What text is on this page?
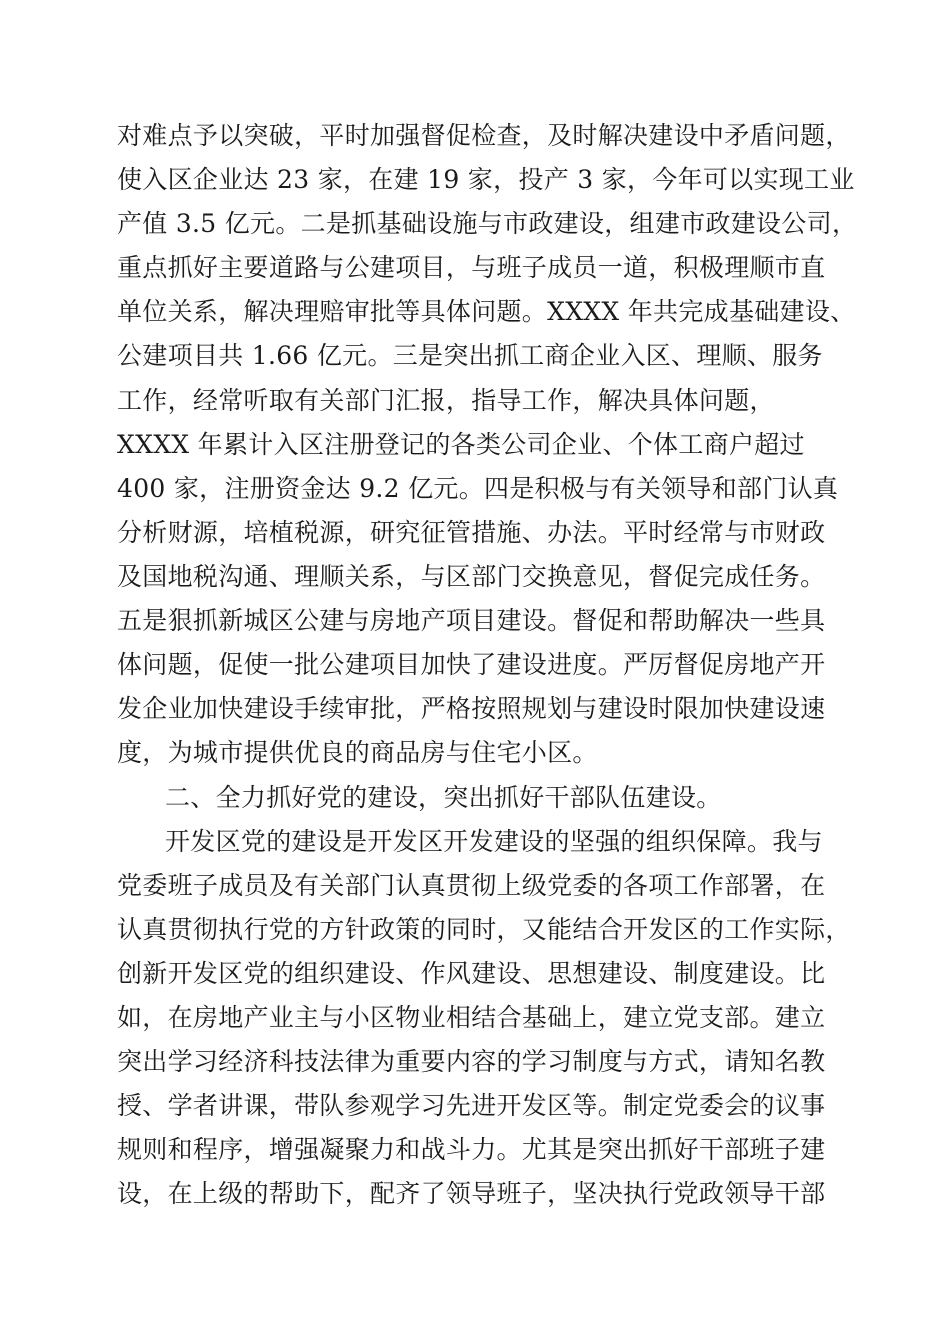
对难点予以突破，平时加强督促检查，及时解决建设中矛盾问题，
使入区企业达 23 家，在建 19 家，投产 3 家，今年可以实现工业
产值 3.5 亿元。二是抓基础设施与市政建设，组建市政建设公司，
重点抓好主要道路与公建项目，与班子成员一道，积极理顺市直
单位关系，解决理赔审批等具体问题。XXXX 年共完成基础建设、
公建项目共 1.66 亿元。三是突出抓工商企业入区、理顺、服务
工作，经常听取有关部门汇报，指导工作，解决具体问题，
XXXX 年累计入区注册登记的各类公司企业、个体工商户超过
400 家，注册资金达 9.2 亿元。四是积极与有关领导和部门认真
分析财源，培植税源，研究征管措施、办法。平时经常与市财政
及国地税沟通、理顺关系，与区部门交换意见，督促完成任务。
五是狠抓新城区公建与房地产项目建设。督促和帮助解决一些具
体问题，促使一批公建项目加快了建设进度。严厉督促房地产开
发企业加快建设手续审批，严格按照规划与建设时限加快建设速
度，为城市提供优良的商品房与住宅小区。
二、全力抓好党的建设，突出抓好干部队伍建设。
开发区党的建设是开发区开发建设的坚强的组织保障。我与
党委班子成员及有关部门认真贯彻上级党委的各项工作部署，在
认真贯彻执行党的方针政策的同时，又能结合开发区的工作实际，
创新开发区党的组织建设、作风建设、思想建设、制度建设。比
如，在房地产业主与小区物业相结合基础上，建立党支部。建立
突出学习经济科技法律为重要内容的学习制度与方式，请知名教
授、学者讲课，带队参观学习先进开发区等。制定党委会的议事
规则和程序，增强凝聚力和战斗力。尤其是突出抓好干部班子建
设，在上级的帮助下，配齐了领导班子，坚决执行党政领导干部
